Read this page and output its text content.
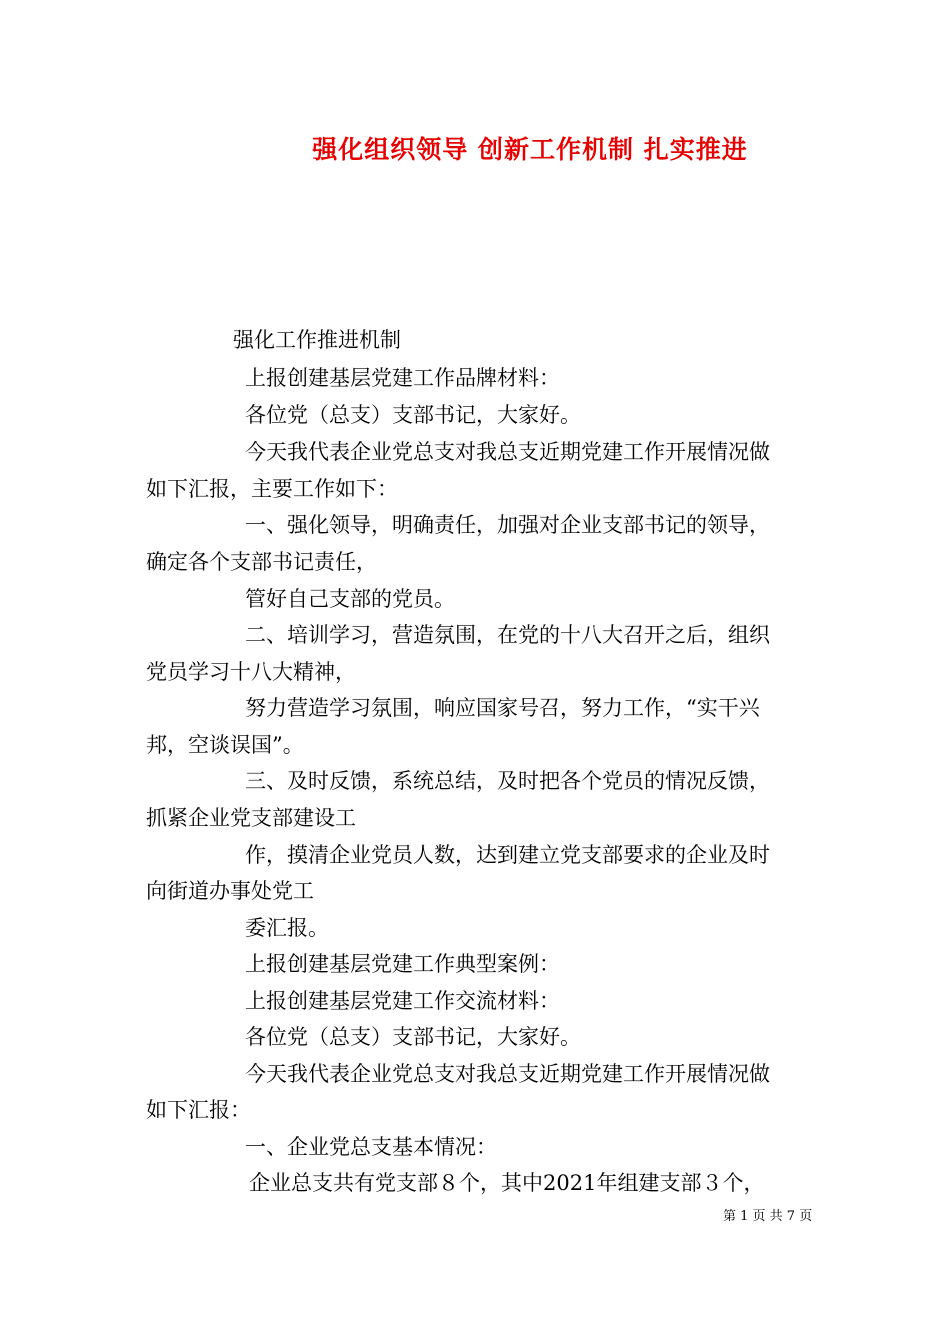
强化组织领导 创新工作机制 扎实推进
强化工作推进机制
上报创建基层党建工作品牌材料：
各位党（总支）支部书记，大家好。
今天我代表企业党总支对我总支近期党建工作开展情况做
如下汇报，主要工作如下：
一、强化领导，明确责任，加强对企业支部书记的领导，
确定各个支部书记责任，
管好自己支部的党员。
二、培训学习，营造氛围，在党的十八大召开之后，组织
党员学习十八大精神，
努力营造学习氛围，响应国家号召，努力工作，“实干兴
邦，空谈误国”。
三、及时反馈，系统总结，及时把各个党员的情况反馈，
抓紧企业党支部建设工
作，摸清企业党员人数，达到建立党支部要求的企业及时
向街道办事处党工
委汇报。
上报创建基层党建工作典型案例：
上报创建基层党建工作交流材料：
各位党（总支）支部书记，大家好。
今天我代表企业党总支对我总支近期党建工作开展情况做
如下汇报：
一、企业党总支基本情况：
企业总支共有党支部８个，其中2021年组建支部３个，
第 1 页 共 7 页
